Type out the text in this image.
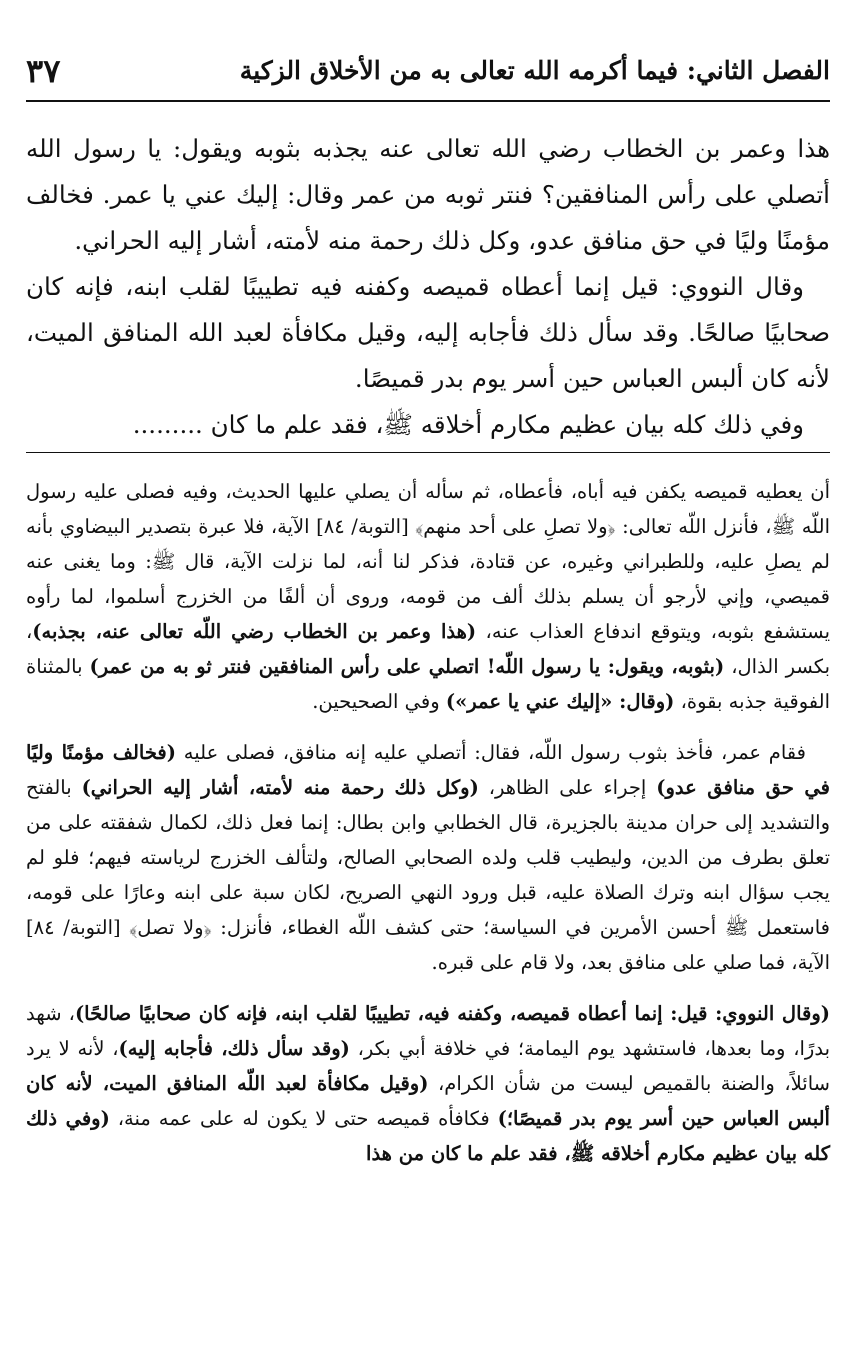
الفصل الثاني: فيما أكرمه الله تعالى به من الأخلاق الزكية
٣٧

هذا وعمر بن الخطاب رضي الله تعالى عنه يجذبه بثوبه ويقول: يا رسول الله أتصلي على رأس المنافقين؟ فنتر ثوبه من عمر وقال: إليك عني يا عمر. فخالف مؤمنًا وليًا في حق منافق عدو، وكل ذلك رحمة منه لأمته، أشار إليه الحراني.

وقال النووي: قيل إنما أعطاه قميصه وكفنه فيه تطييبًا لقلب ابنه، فإنه كان صحابيًا صالحًا. وقد سأل ذلك فأجابه إليه، وقيل مكافأة لعبد الله المنافق الميت، لأنه كان ألبس العباس حين أسر يوم بدر قميصًا.

وفي ذلك كله بيان عظيم مكارم أخلاقه ﷺ، فقد علم ما كان .........

أن يعطيه قميصه يكفن فيه أباه، فأعطاه، ثم سأله أن يصلي عليها الحديث، وفيه فصلى عليه رسول اللّه ﷺ، فأنزل اللّه تعالى: ﴿ولا تصلِ على أحد منهم﴾ [التوبة/ ٨٤] الآية، فلا عبرة بتصدير البيضاوي بأنه لم يصلِ عليه، وللطبراني وغيره، عن قتادة، فذكر لنا أنه، لما نزلت الآية، قال ﷺ: وما يغنى عنه قميصي، وإني لأرجو أن يسلم بذلك ألف من قومه، وروى أن ألفًا من الخزرج أسلموا، لما رأوه يستشفع بثوبه، ويتوقع اندفاع العذاب عنه، (هذا وعمر بن الخطاب رضي اللّه تعالى عنه، بجذبه)، بكسر الذال، (بثوبه، ويقول: يا رسول اللّه! اتصلي على رأس المنافقين فنتر ثو به من عمر) بالمثناة الفوقية جذبه بقوة، (وقال: «إليك عني يا عمر») وفي الصحيحين.

فقام عمر، فأخذ بثوب رسول اللّه، فقال: أتصلي عليه إنه منافق، فصلى عليه (فخالف مؤمنًا وليًا في حق منافق عدو) إجراء على الظاهر، (وكل ذلك رحمة منه لأمته، أشار إليه الحراني) بالفتح والتشديد إلى حران مدينة بالجزيرة، قال الخطابي وابن بطال: إنما فعل ذلك، لكمال شفقته على من تعلق بطرف من الدين، وليطيب قلب ولده الصحابي الصالح، ولتألف الخزرج لرياسته فيهم؛ فلو لم يجب سؤال ابنه وترك الصلاة عليه، قبل ورود النهي الصريح، لكان سبة على ابنه وعارًا على قومه، فاستعمل ﷺ أحسن الأمرين في السياسة؛ حتى كشف اللّه الغطاء، فأنزل: ﴿ولا تصل﴾ [التوبة/ ٨٤] الآية، فما صلي على منافق بعد، ولا قام على قبره.

(وقال النووي: قيل: إنما أعطاه قميصه، وكفنه فيه، تطييبًا لقلب ابنه، فإنه كان صحابيًا صالحًا)، شهد بدرًا، وما بعدها، فاستشهد يوم اليمامة؛ في خلافة أبي بكر، (وقد سأل ذلك، فأجابه إليه)، لأنه لا يرد سائلاً، والضنة بالقميص ليست من شأن الكرام، (وقيل مكافأة لعبد اللّه المنافق الميت، لأنه كان ألبس العباس حين أسر يوم بدر قميصًا؛) فكافأه قميصه حتى لا يكون له على عمه منة، (وفي ذلك كله بيان عظيم مكارم أخلاقه ﷺ، فقد علم ما كان من هذا
